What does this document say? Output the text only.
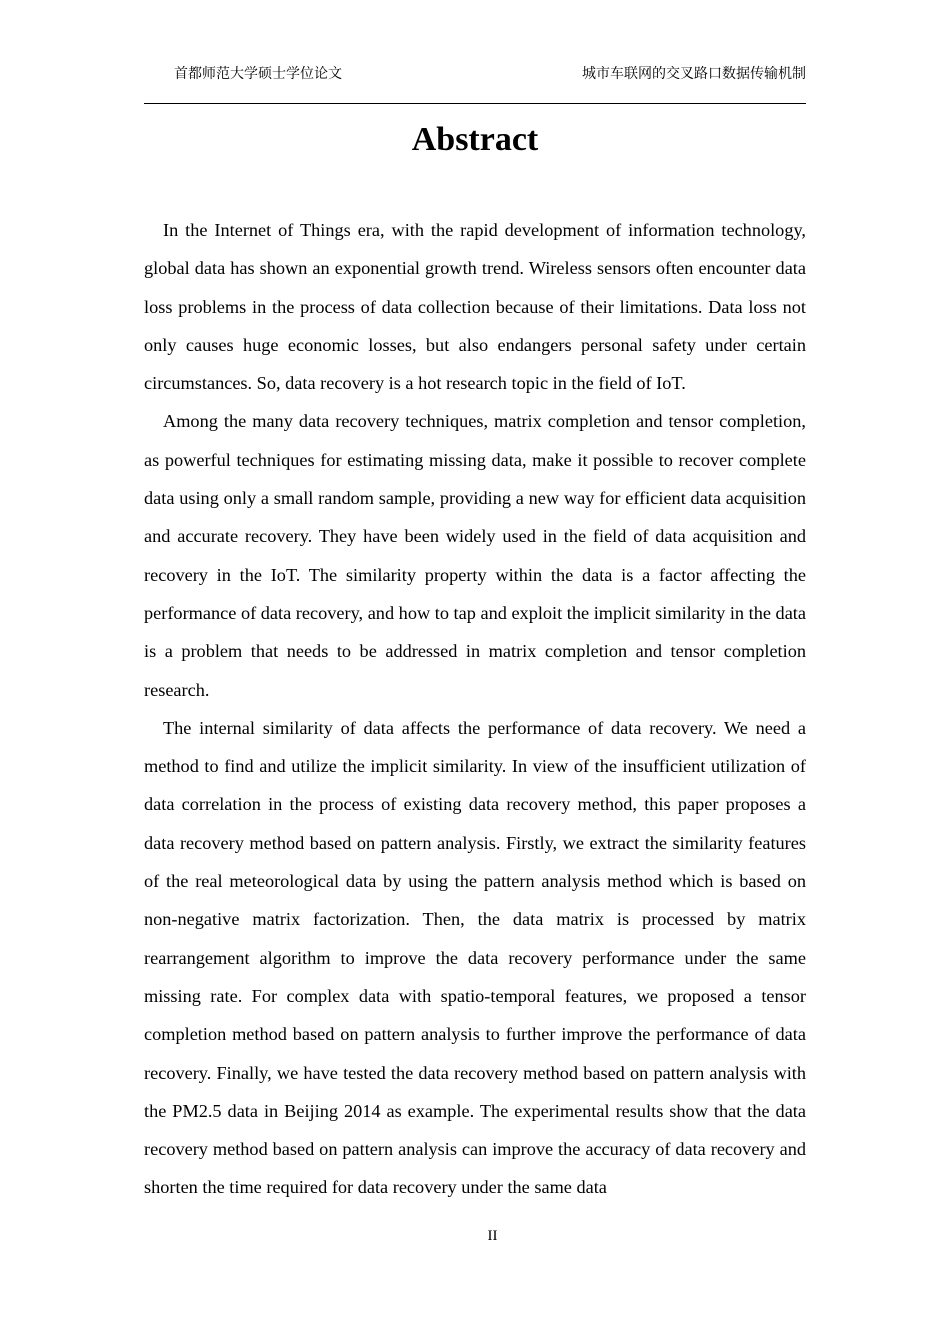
首都师范大学硕士学位论文	城市车联网的交叉路口数据传输机制
Abstract

In the Internet of Things era, with the rapid development of information technology, global data has shown an exponential growth trend. Wireless sensors often encounter data loss problems in the process of data collection because of their limitations. Data loss not only causes huge economic losses, but also endangers personal safety under certain circumstances. So, data recovery is a hot research topic in the field of IoT.

Among the many data recovery techniques, matrix completion and tensor completion, as powerful techniques for estimating missing data, make it possible to recover complete data using only a small random sample, providing a new way for efficient data acquisition and accurate recovery. They have been widely used in the field of data acquisition and recovery in the IoT. The similarity property within the data is a factor affecting the performance of data recovery, and how to tap and exploit the implicit similarity in the data is a problem that needs to be addressed in matrix completion and tensor completion research.

The internal similarity of data affects the performance of data recovery. We need a method to find and utilize the implicit similarity. In view of the insufficient utilization of data correlation in the process of existing data recovery method, this paper proposes a data recovery method based on pattern analysis. Firstly, we extract the similarity features of the real meteorological data by using the pattern analysis method which is based on non-negative matrix factorization. Then, the data matrix is processed by matrix rearrangement algorithm to improve the data recovery performance under the same missing rate. For complex data with spatio-temporal features, we proposed a tensor completion method based on pattern analysis to further improve the performance of data recovery. Finally, we have tested the data recovery method based on pattern analysis with the PM2.5 data in Beijing 2014 as example. The experimental results show that the data recovery method based on pattern analysis can improve the accuracy of data recovery and shorten the time required for data recovery under the same data

II
